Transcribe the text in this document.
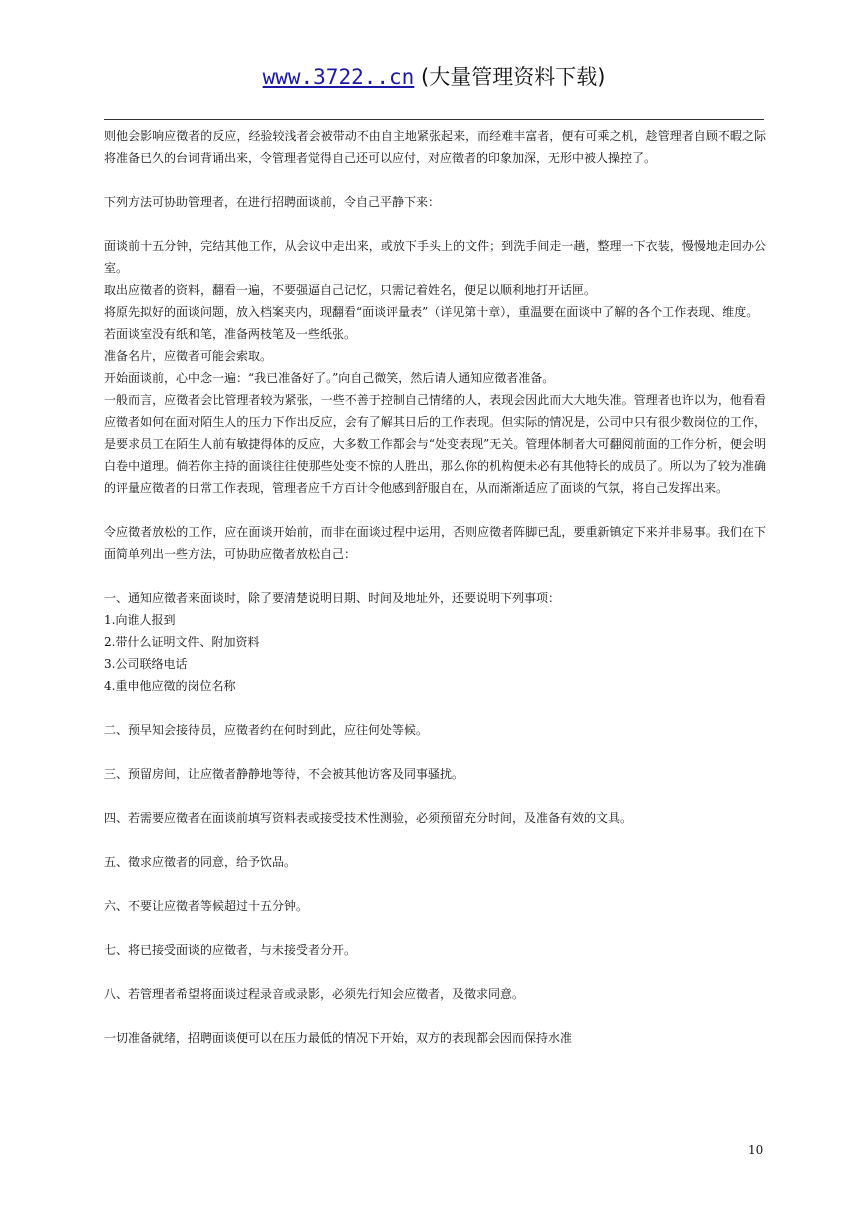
www.3722..cn (大量管理资料下载)

则他会影响应徵者的反应，经验较浅者会被带动不由自主地紧张起来，而经难丰富者，便有可乘之机，趁管理者自顾不暇之际将准备已久的台词背诵出来，令管理者觉得自己还可以应付，对应徵者的印象加深，无形中被人操控了。

下列方法可协助管理者，在进行招聘面谈前，令自己平静下来：

面谈前十五分钟，完结其他工作，从会议中走出来，或放下手头上的文件；到洗手间走一趟，整理一下衣装，慢慢地走回办公室。

取出应徵者的资料，翻看一遍，不要强逼自己记忆，只需记着姓名，便足以顺利地打开话匣。

将原先拟好的面谈问题，放入档案夹内，现翻看“面谈评量表”（详见第十章），重温要在面谈中了解的各个工作表现、维度。

若面谈室没有纸和笔，准备两枝笔及一些纸张。

准备名片，应徵者可能会索取。

开始面谈前，心中念一遍：“我已准备好了。”向自己微笑，然后请人通知应徵者准备。

一般而言，应徵者会比管理者较为紧张，一些不善于控制自己情绪的人，表现会因此而大大地失准。管理者也许以为，他看看应徵者如何在面对陌生人的压力下作出反应，会有了解其日后的工作表现。但实际的情况是，公司中只有很少数岗位的工作，是要求员工在陌生人前有敏捷得体的反应，大多数工作都会与“处变表现”无关。管理体制者大可翻阅前面的工作分析，便会明白卷中道理。倘若你主持的面谈往往使那些处变不惊的人胜出，那么你的机构便未必有其他特长的成员了。所以为了较为准确的评量应徵者的日常工作表现，管理者应千方百计令他感到舒服自在，从而渐渐适应了面谈的气氛，将自己发挥出来。

令应徵者放松的工作，应在面谈开始前，而非在面谈过程中运用，否则应徵者阵脚已乱，要重新镇定下来并非易事。我们在下面简单列出一些方法，可协助应徵者放松自己：

一、通知应徵者来面谈时，除了要清楚说明日期、时间及地址外，还要说明下列事项：

1.向谁人报到

2.带什么证明文件、附加资料

3.公司联络电话

4.重申他应徵的岗位名称

二、预早知会接待员，应徵者约在何时到此，应往何处等候。

三、预留房间，让应徵者静静地等待，不会被其他访客及同事骚扰。

四、若需要应徵者在面谈前填写资料表或接受技术性测验，必须预留充分时间，及准备有效的文具。

五、徵求应徵者的同意，给予饮品。

六、不要让应徵者等候超过十五分钟。

七、将已接受面谈的应徵者，与未接受者分开。

八、若管理者希望将面谈过程录音或录影，必须先行知会应徵者，及徵求同意。

一切准备就绪，招聘面谈便可以在压力最低的情况下开始，双方的表现都会因而保持水准

10
